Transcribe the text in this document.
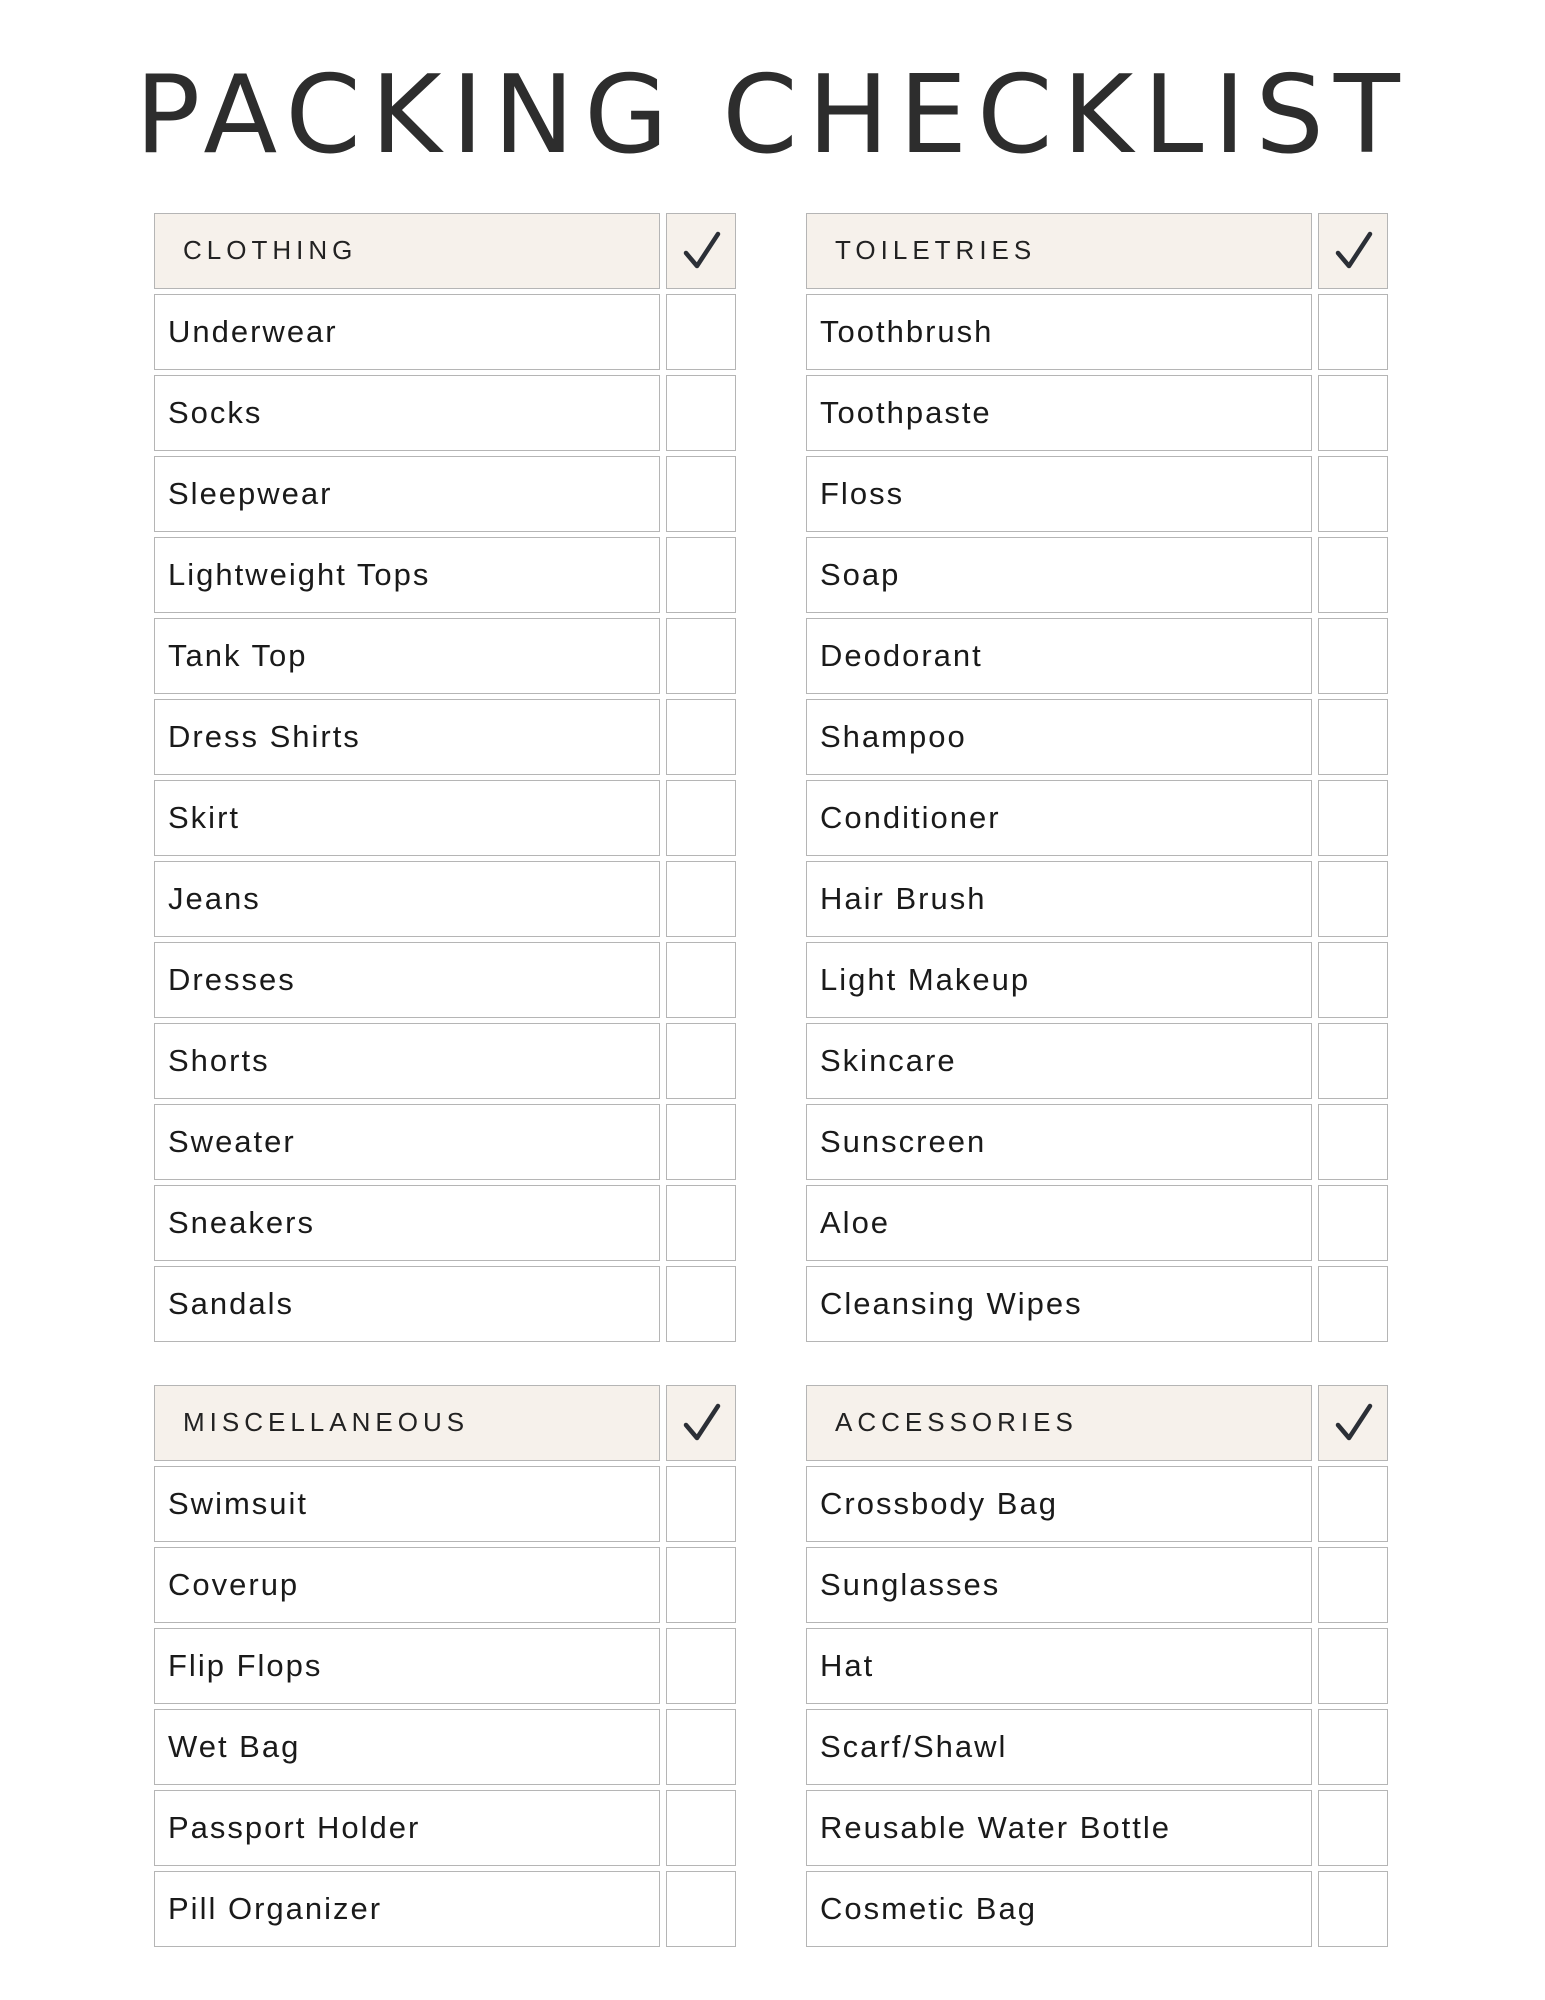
PACKING CHECKLIST
CLOTHING
Underwear
Socks
Sleepwear
Lightweight Tops
Tank Top
Dress Shirts
Skirt
Jeans
Dresses
Shorts
Sweater
Sneakers
Sandals
TOILETRIES
Toothbrush
Toothpaste
Floss
Soap
Deodorant
Shampoo
Conditioner
Hair Brush
Light Makeup
Skincare
Sunscreen
Aloe
Cleansing Wipes
MISCELLANEOUS
Swimsuit
Coverup
Flip Flops
Wet Bag
Passport Holder
Pill Organizer
ACCESSORIES
Crossbody Bag
Sunglasses
Hat
Scarf/Shawl
Reusable Water Bottle
Cosmetic Bag
